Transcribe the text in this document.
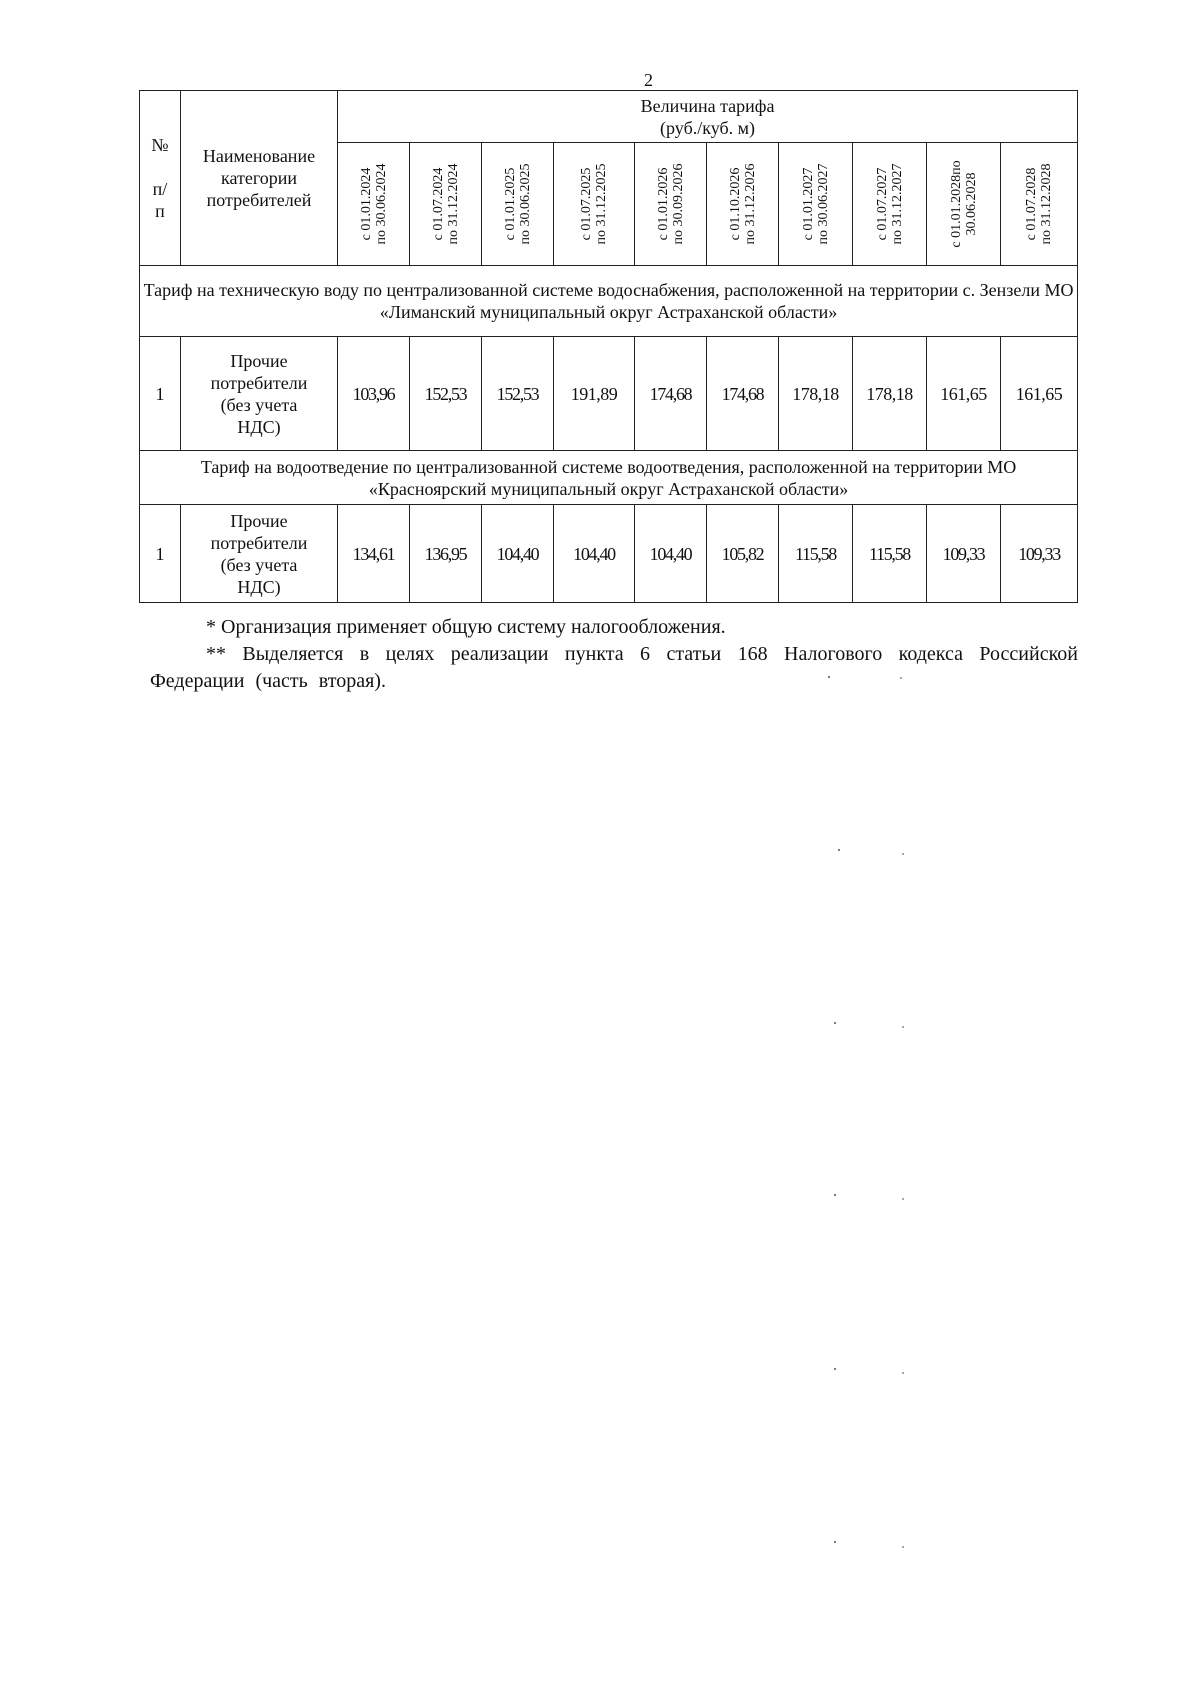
2
№

п/
п	Наименование
категории
потребителей	Величина тарифа
(руб./куб. м)									

		с 01.01.2024
по 30.06.2024	с 01.07.2024
по 31.12.2024	с 01.01.2025
по 30.06.2025	с 01.07.2025
по 31.12.2025	с 01.01.2026
по 30.09.2026	с 01.10.2026
по 31.12.2026	с 01.01.2027
по 30.06.2027	с 01.07.2027
по 31.12.2027	с 01.01.2028по
30.06.2028	с 01.07.2028
по 31.12.2028

Тариф на техническую воду по централизованной системе водоснабжения, расположенной на территории с. Зензели МО «Лиманский муниципальный округ Астраханской области»											
1	Прочие
потребители
(без учета
НДС)	103,96	152,53	152,53	191,89	174,68	174,68	178,18	178,18	161,65	161,65
Тариф на водоотведение по централизованной системе водоотведения, расположенной на территории МО «Красноярский муниципальный округ Астраханской области»											
1	Прочие
потребители
(без учета
НДС)	134,61	136,95	104,40	104,40	104,40	105,82	115,58	115,58	109,33	109,33
* Организация применяет общую систему налогообложения.
** Выделяется в целях реализации пункта 6 статьи 168 Налогового кодекса Российской Федерации (часть вторая).
